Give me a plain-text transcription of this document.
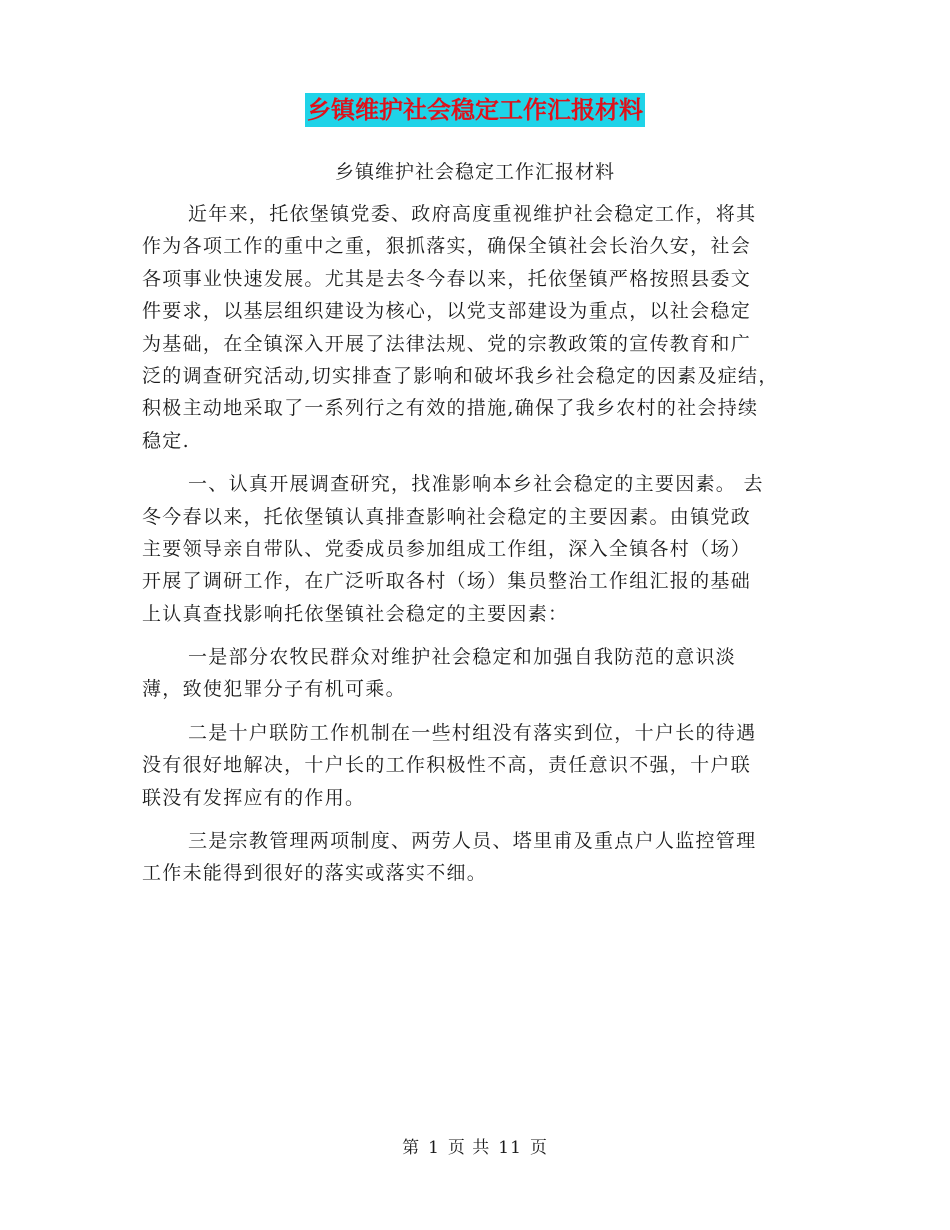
乡镇维护社会稳定工作汇报材料
乡镇维护社会稳定工作汇报材料
近年来，托依堡镇党委、政府高度重视维护社会稳定工作，将其
作为各项工作的重中之重，狠抓落实，确保全镇社会长治久安，社会
各项事业快速发展。尤其是去冬今春以来，托依堡镇严格按照县委文
件要求，以基层组织建设为核心，以党支部建设为重点，以社会稳定
为基础，在全镇深入开展了法律法规、党的宗教政策的宣传教育和广
泛的调查研究活动,切实排查了影响和破坏我乡社会稳定的因素及症结，
积极主动地采取了一系列行之有效的措施,确保了我乡农村的社会持续
稳定.
一、认真开展调查研究，找准影响本乡社会稳定的主要因素。 去
冬今春以来，托依堡镇认真排查影响社会稳定的主要因素。由镇党政
主要领导亲自带队、党委成员参加组成工作组，深入全镇各村（场）
开展了调研工作，在广泛听取各村（场）集员整治工作组汇报的基础
上认真查找影响托依堡镇社会稳定的主要因素：
一是部分农牧民群众对维护社会稳定和加强自我防范的意识淡
薄，致使犯罪分子有机可乘。
二是十户联防工作机制在一些村组没有落实到位，十户长的待遇
没有很好地解决，十户长的工作积极性不高，责任意识不强，十户联
联没有发挥应有的作用。
三是宗教管理两项制度、两劳人员、塔里甫及重点户人监控管理
工作未能得到很好的落实或落实不细。
第 1 页 共 11 页
